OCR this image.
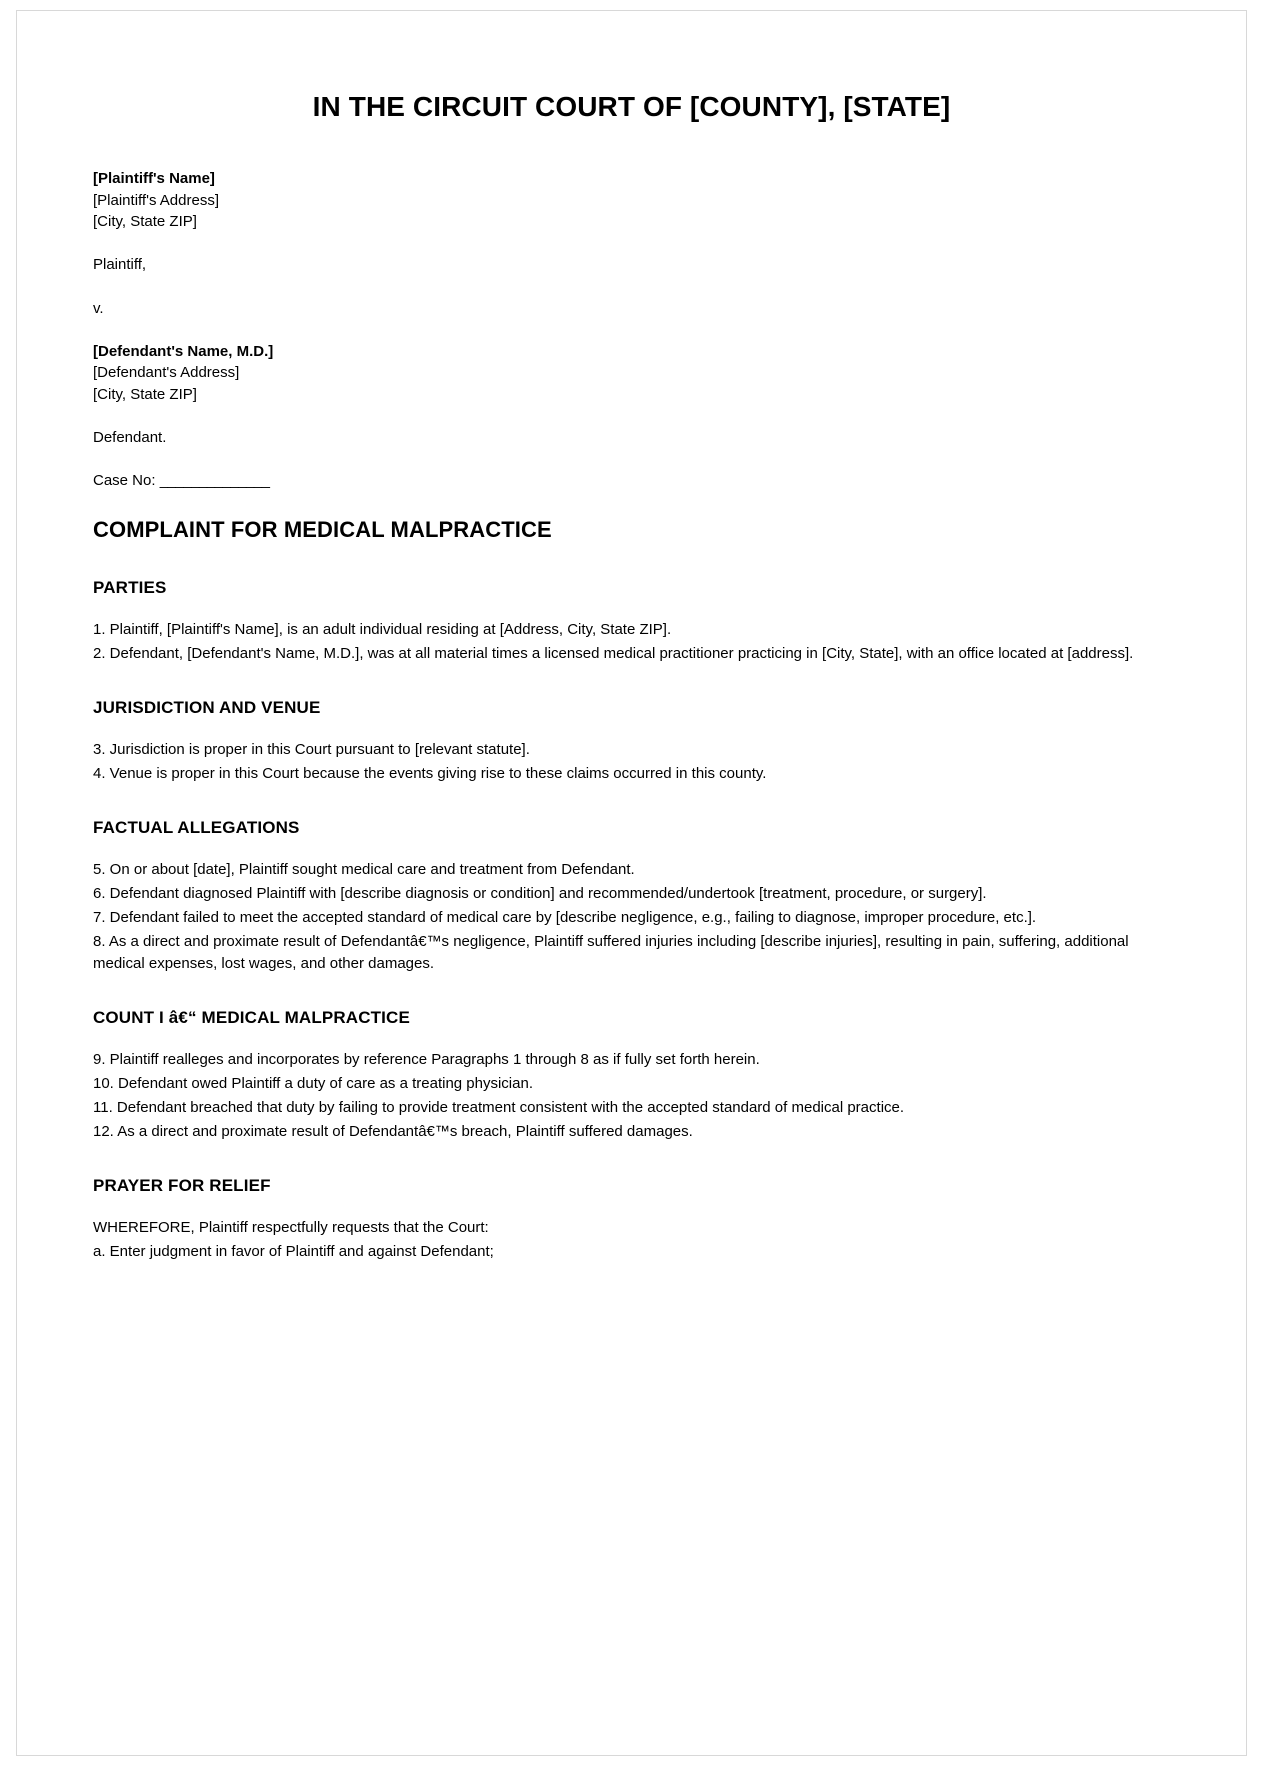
IN THE CIRCUIT COURT OF [COUNTY], [STATE]
[Plaintiff's Name]
[Plaintiff's Address]
[City, State ZIP]
Plaintiff,
v.
[Defendant's Name, M.D.]
[Defendant's Address]
[City, State ZIP]
Defendant.
Case No: ______________
COMPLAINT FOR MEDICAL MALPRACTICE
PARTIES

1. Plaintiff, [Plaintiff's Name], is an adult individual residing at [Address, City, State ZIP].

2. Defendant, [Defendant's Name, M.D.], was at all material times a licensed medical practitioner practicing in [City, State], with an office located at [address].

JURISDICTION AND VENUE

3. Jurisdiction is proper in this Court pursuant to [relevant statute].

4. Venue is proper in this Court because the events giving rise to these claims occurred in this county.

FACTUAL ALLEGATIONS

5. On or about [date], Plaintiff sought medical care and treatment from Defendant.

6. Defendant diagnosed Plaintiff with [describe diagnosis or condition] and recommended/undertook [treatment, procedure, or surgery].

7. Defendant failed to meet the accepted standard of medical care by [describe negligence, e.g., failing to diagnose, improper procedure, etc.].

8. As a direct and proximate result of Defendantâ€™s negligence, Plaintiff suffered injuries including [describe injuries], resulting in pain, suffering, additional medical expenses, lost wages, and other damages.

COUNT I â€“ MEDICAL MALPRACTICE

9. Plaintiff realleges and incorporates by reference Paragraphs 1 through 8 as if fully set forth herein.

10. Defendant owed Plaintiff a duty of care as a treating physician.

11. Defendant breached that duty by failing to provide treatment consistent with the accepted standard of medical practice.

12. As a direct and proximate result of Defendantâ€™s breach, Plaintiff suffered damages.

PRAYER FOR RELIEF

WHEREFORE, Plaintiff respectfully requests that the Court:

a. Enter judgment in favor of Plaintiff and against Defendant;
